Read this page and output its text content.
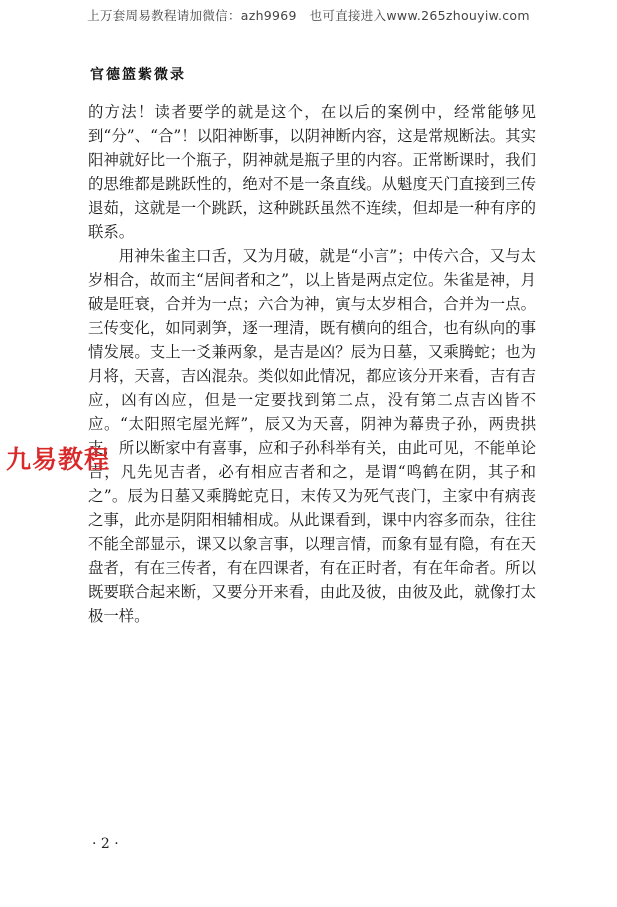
上万套周易教程请加微信：azh9969　也可直接进入www.265zhouyiw.com
官德篮紫微录

的方法！读者要学的就是这个，在以后的案例中，经常能够见到“分”、“合”！以阳神断事，以阴神断内容，这是常规断法。其实阳神就好比一个瓶子，阴神就是瓶子里的内容。正常断课时，我们的思维都是跳跃性的，绝对不是一条直线。从魁度天门直接到三传退茹，这就是一个跳跃，这种跳跃虽然不连续，但却是一种有序的联系。

用神朱雀主口舌，又为月破，就是“小言”；中传六合，又与太岁相合，故而主“居间者和之”，以上皆是两点定位。朱雀是神，月破是旺衰，合并为一点；六合为神，寅与太岁相合，合并为一点。三传变化，如同剥笋，逐一理清，既有横向的组合，也有纵向的事情发展。支上一爻兼两象，是吉是凶？辰为日墓，又乘腾蛇；也为月将，天喜，吉凶混杂。类似如此情况，都应该分开来看，吉有吉应，凶有凶应，但是一定要找到第二点，没有第二点吉凶皆不应。“太阳照宅屋光辉”，辰又为天喜，阴神为幕贵子孙，两贵拱支，所以断家中有喜事，应和子孙科举有关，由此可见，不能单论吉，凡先见吉者，必有相应吉者和之，是谓“鸣鹤在阴，其子和之”。辰为日墓又乘腾蛇克日，末传又为死气丧门，主家中有病丧之事，此亦是阴阳相辅相成。从此课看到，课中内容多而杂，往往不能全部显示，课又以象言事，以理言情，而象有显有隐，有在天盘者，有在三传者，有在四课者，有在正时者，有在年命者。所以既要联合起来断，又要分开来看，由此及彼，由彼及此，就像打太极一样。

九易教程
· 2 ·
